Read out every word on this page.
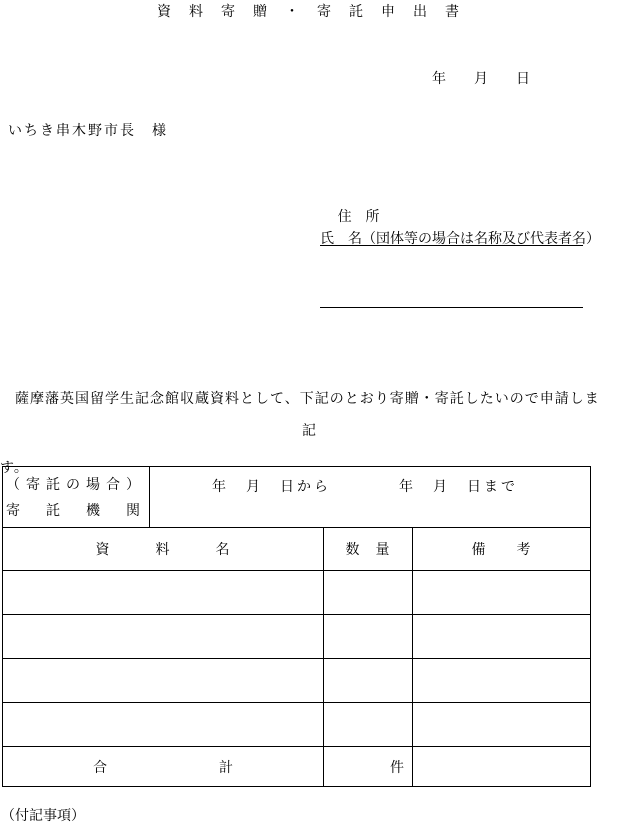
資　料　寄　贈　・　寄　託　申　出　書
年　　月　　日
いちき串木野市長　様

住　所

氏　名（団体等の場合は名称及び代表者名）

　薩摩藩英国留学生記念館収蔵資料として、下記のとおり寄贈・寄託したいので申請しま

す。

記
（寄託の場合）
寄　託　機　関
	年　月　日から　　　　年　月　日まで
資　　　料　　　名	数　量	備　　考

合　　　　　　　　計	件	
（付記事項）
